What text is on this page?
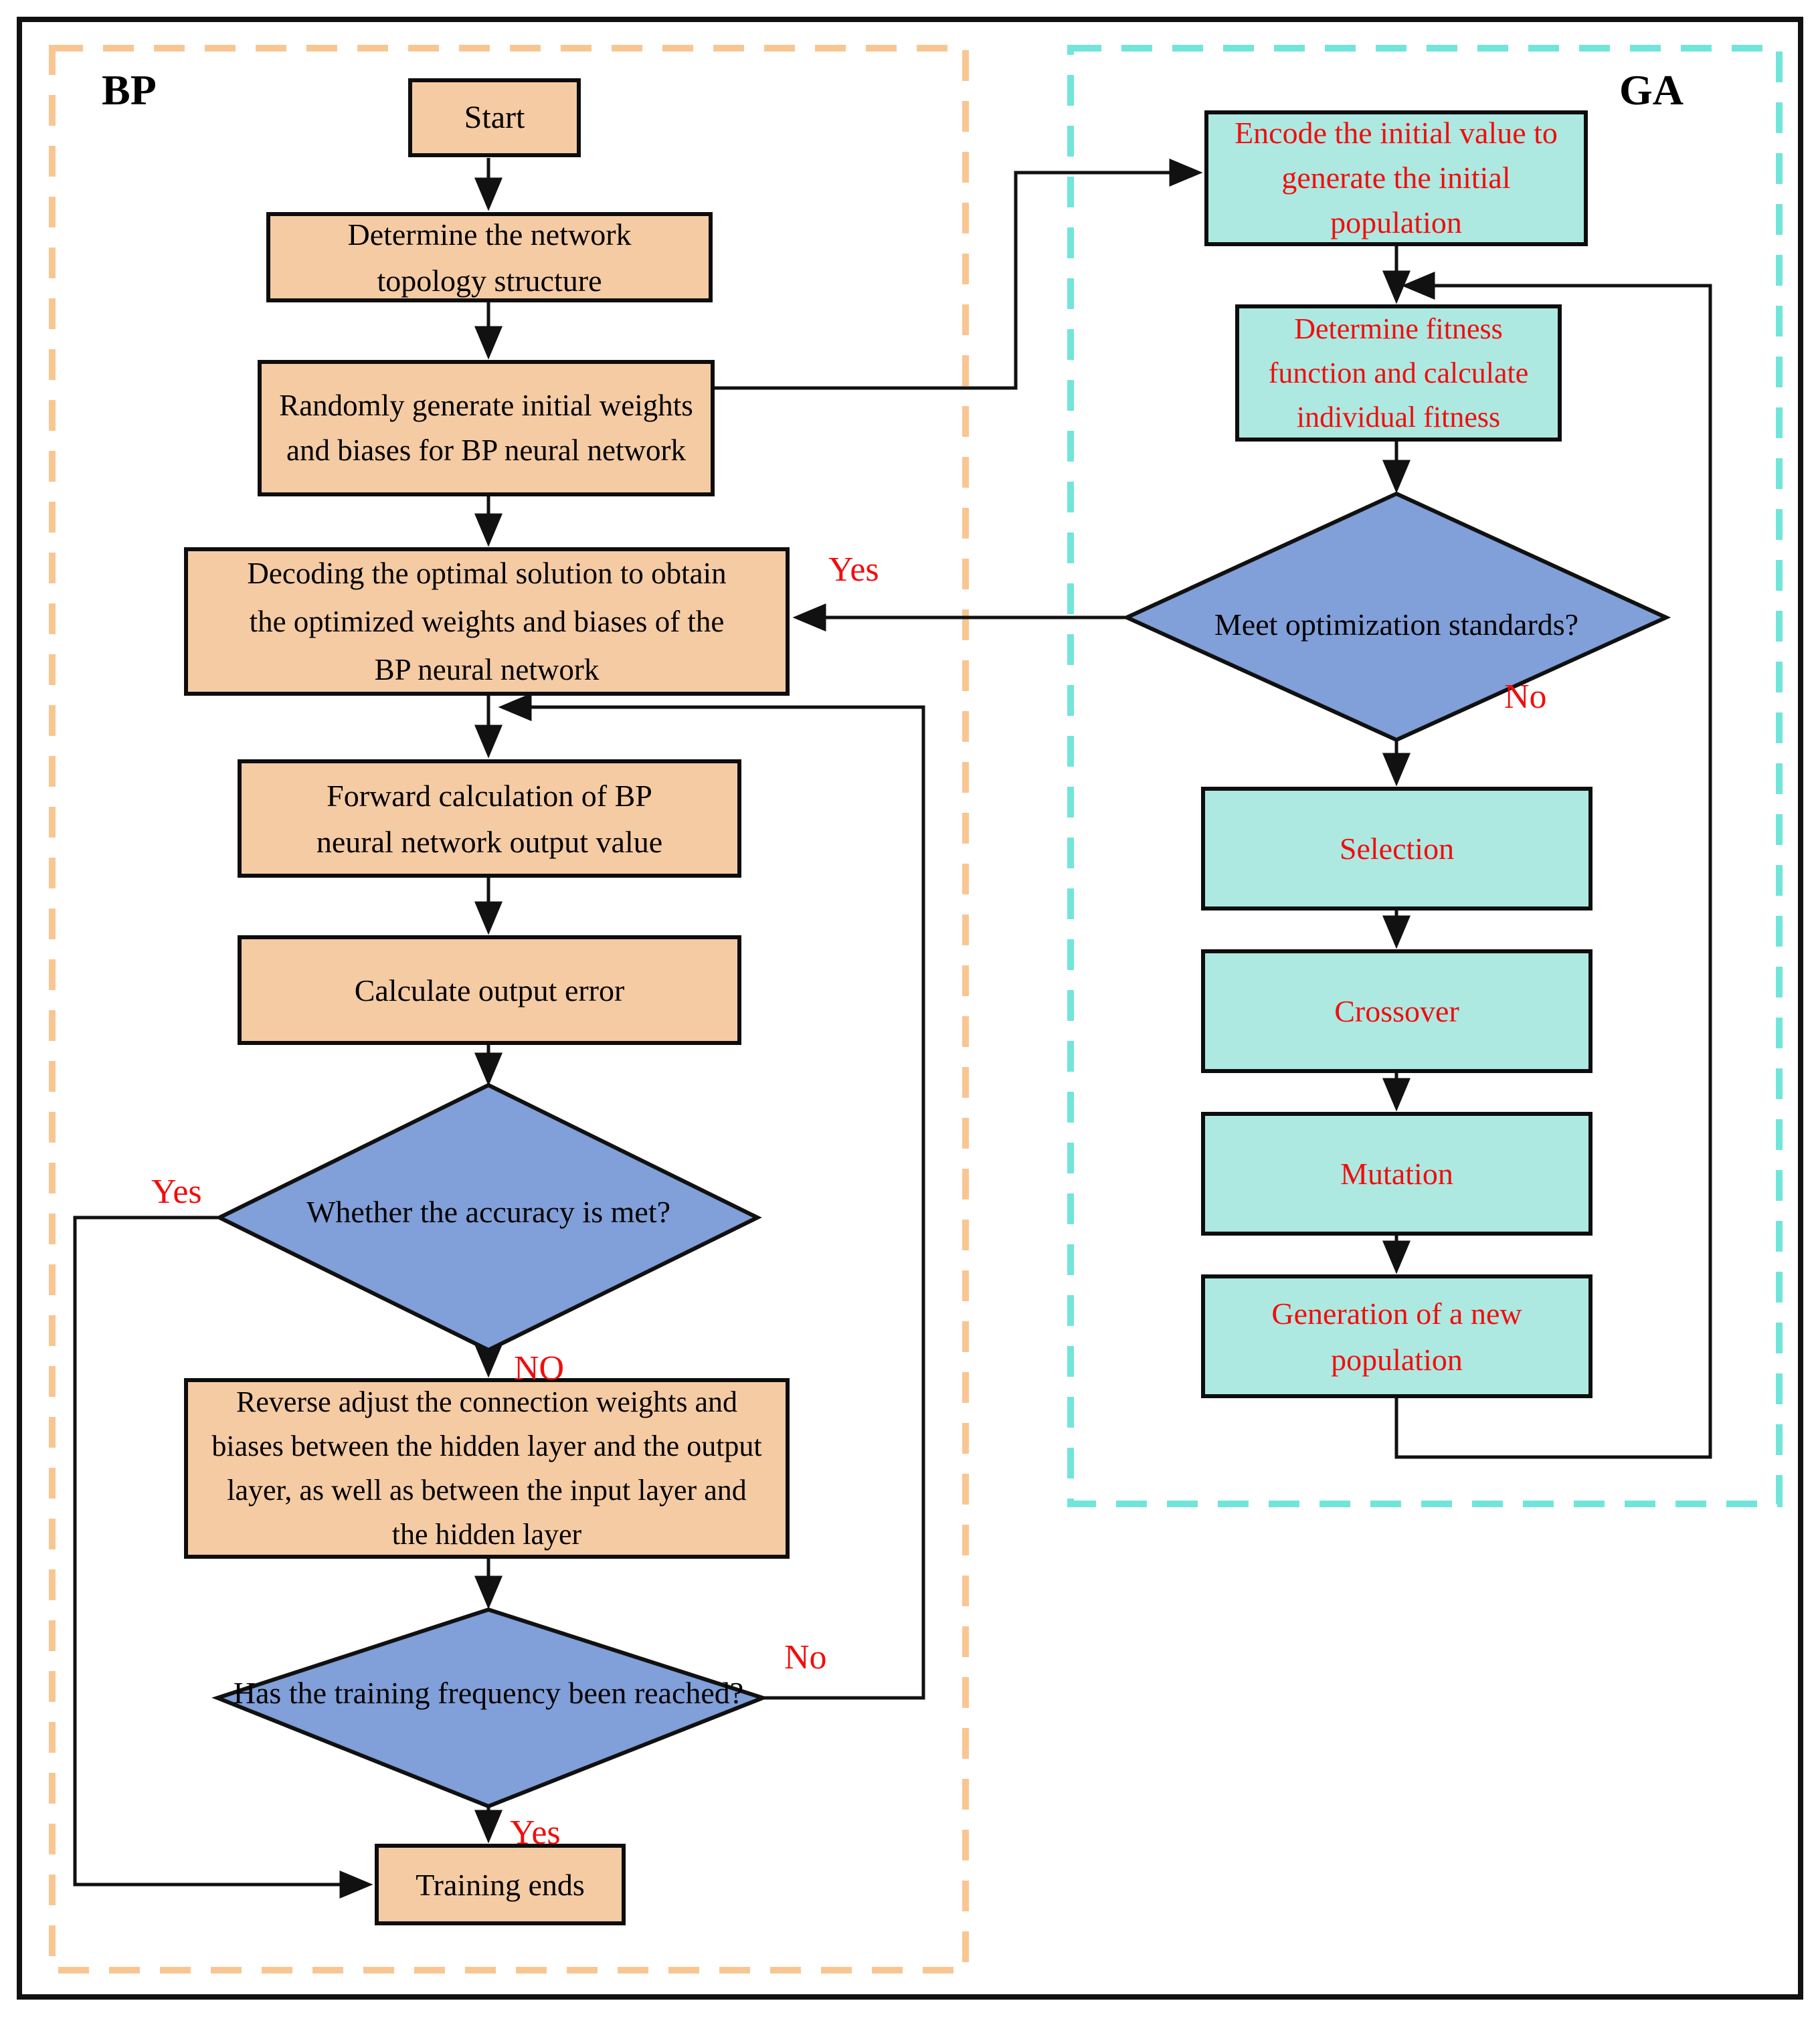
BP	GA
Start
Determine the network topology structure
Randomly generate initial weights and biases for BP neural network
Decoding the optimal solution to obtain the optimized weights and biases of the BP neural network
Forward calculation of BP neural network output value
Calculate output error
Reverse adjust the connection weights and biases between the hidden layer and the output layer, as well as between the input layer and the hidden layer
Training ends
Encode the initial value to generate the initial population
Determine fitness function and calculate individual fitness
Selection
Crossover
Mutation
Generation of a new population
Whether the accuracy is met?
Has the training frequency been reached?
Meet optimization standards?
Yes
No
Yes
NO
No
Yes
